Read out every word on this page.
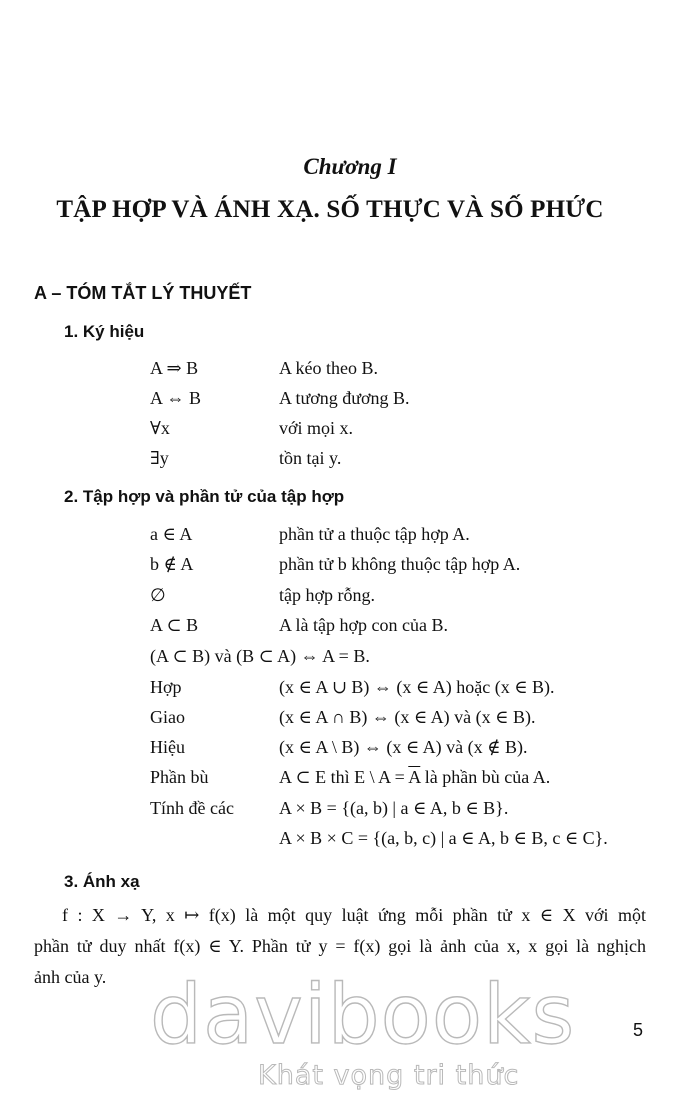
Chương I
TẬP HỢP VÀ ÁNH XẠ. SỐ THỰC VÀ SỐ PHỨC
A – TÓM TẮT LÝ THUYẾT
1. Ký hiệu
A ⇒ B	A kéo theo B.
A ⇔ B	A tương đương B.
∀x	với mọi x.
∃y	tồn tại y.
2. Tập hợp và phần tử của tập hợp
a ∈ A	phần tử a thuộc tập hợp A.
b ∉ A	phần tử b không thuộc tập hợp A.
∅	tập hợp rỗng.
A ⊂ B	A là tập hợp con của B.
(A ⊂ B) và (B ⊂ A) ⇔ A = B.
Hợp	(x ∈ A ∪ B) ⇔ (x ∈ A) hoặc (x ∈ B).
Giao	(x ∈ A ∩ B) ⇔ (x ∈ A) và (x ∈ B).
Hiệu	(x ∈ A \ B) ⇔ (x ∈ A) và (x ∉ B).
Phần bù	A ⊂ E thì E \ $A = \overline{A}$ là phần bù của A.
Tính đề các	A × B = {(a, b) | a ∈ A, b ∈ B}.
A × B × C = {(a, b, c) | a ∈ A, b ∈ B, c ∈ C}.
3. Ánh xạ
f : X → Y, x ↦ f(x) là một quy luật ứng mỗi phần tử x ∈ X với một
phần tử duy nhất f(x) ∈ Y. Phần tử y = f(x) gọi là ảnh của x, x gọi là nghịch
ảnh của y. davibooks
Khát vọng tri thức
5
